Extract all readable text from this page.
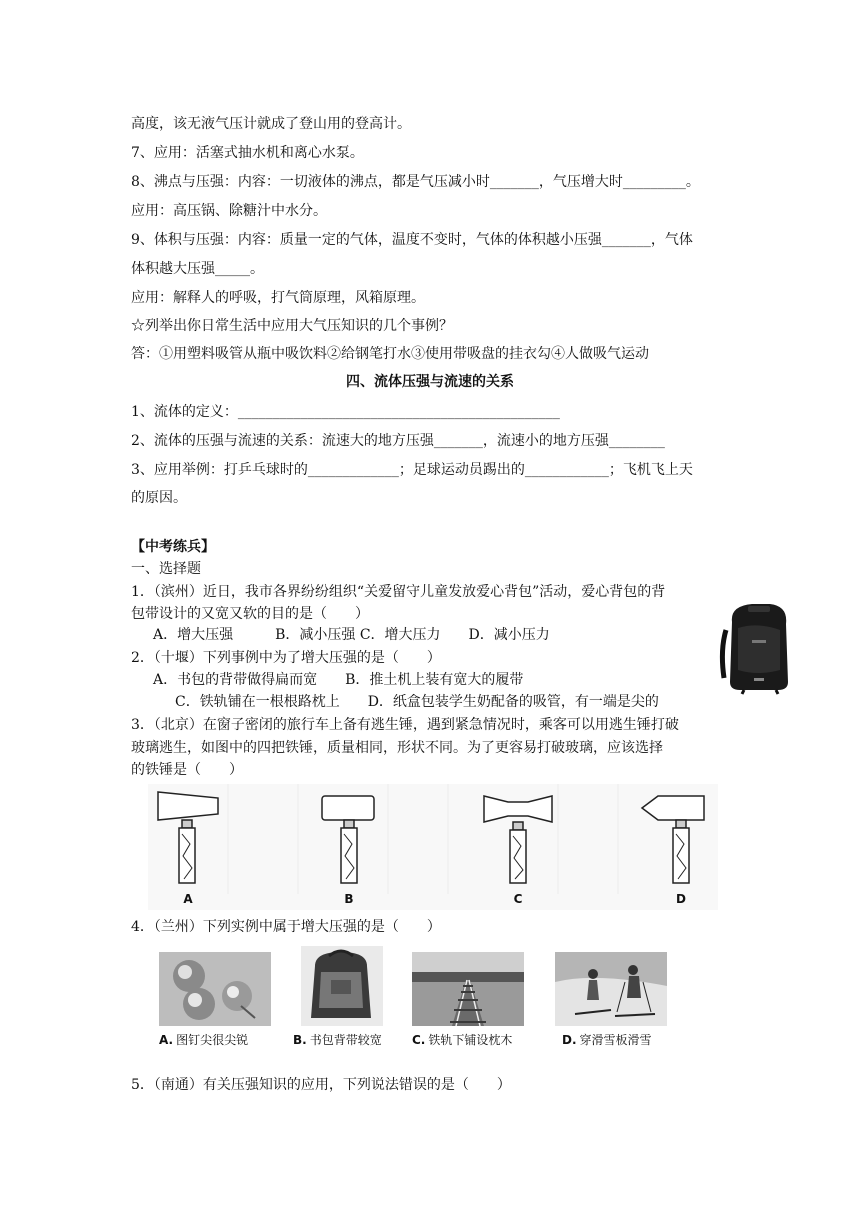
高度，该无液气压计就成了登山用的登高计。
7、应用：活塞式抽水机和离心水泵。
8、沸点与压强：内容：一切液体的沸点，都是气压减小时_______，气压增大时_________。
应用：高压锅、除糖汁中水分。
9、体积与压强：内容：质量一定的气体，温度不变时，气体的体积越小压强_______，气体
体积越大压强_____。
应用：解释人的呼吸，打气筒原理，风箱原理。
☆列举出你日常生活中应用大气压知识的几个事例？
答：①用塑料吸管从瓶中吸饮料②给钢笔打水③使用带吸盘的挂衣勾④人做吸气运动
四、流体压强与流速的关系
1、流体的定义：______________________________________________
2、流体的压强与流速的关系：流速大的地方压强_______，流速小的地方压强________
3、应用举例：打乒乓球时的_____________；足球运动员踢出的____________；飞机飞上天
的原因。
【中考练兵】
一、选择题
1．（滨州）近日，我市各界纷纷组织“关爱留守儿童发放爱心背包”活动，爱心背包的背
包带设计的又宽又软的目的是（　　）
A．增大压强　　　B．减小压强 C．增大压力　　D．减小压力
2．（十堰）下列事例中为了增大压强的是（　　）
A．书包的背带做得扁而宽　　B．推土机上装有宽大的履带
C．铁轨铺在一根根路枕上　　D．纸盒包装学生奶配备的吸管，有一端是尖的
3．（北京）在窗子密闭的旅行车上备有逃生锤，遇到紧急情况时，乘客可以用逃生锤打破
玻璃逃生，如图中的四把铁锤，质量相同，形状不同。为了更容易打破玻璃，应该选择
的铁锤是（　　）
4．（兰州）下列实例中属于增大压强的是（　　）
5．（南通）有关压强知识的应用，下列说法错误的是（　　）
A	B	C	D
A. 图钉尖很尖锐	B. 书包背带较宽	C. 铁轨下铺设枕木	D. 穿滑雪板滑雪
